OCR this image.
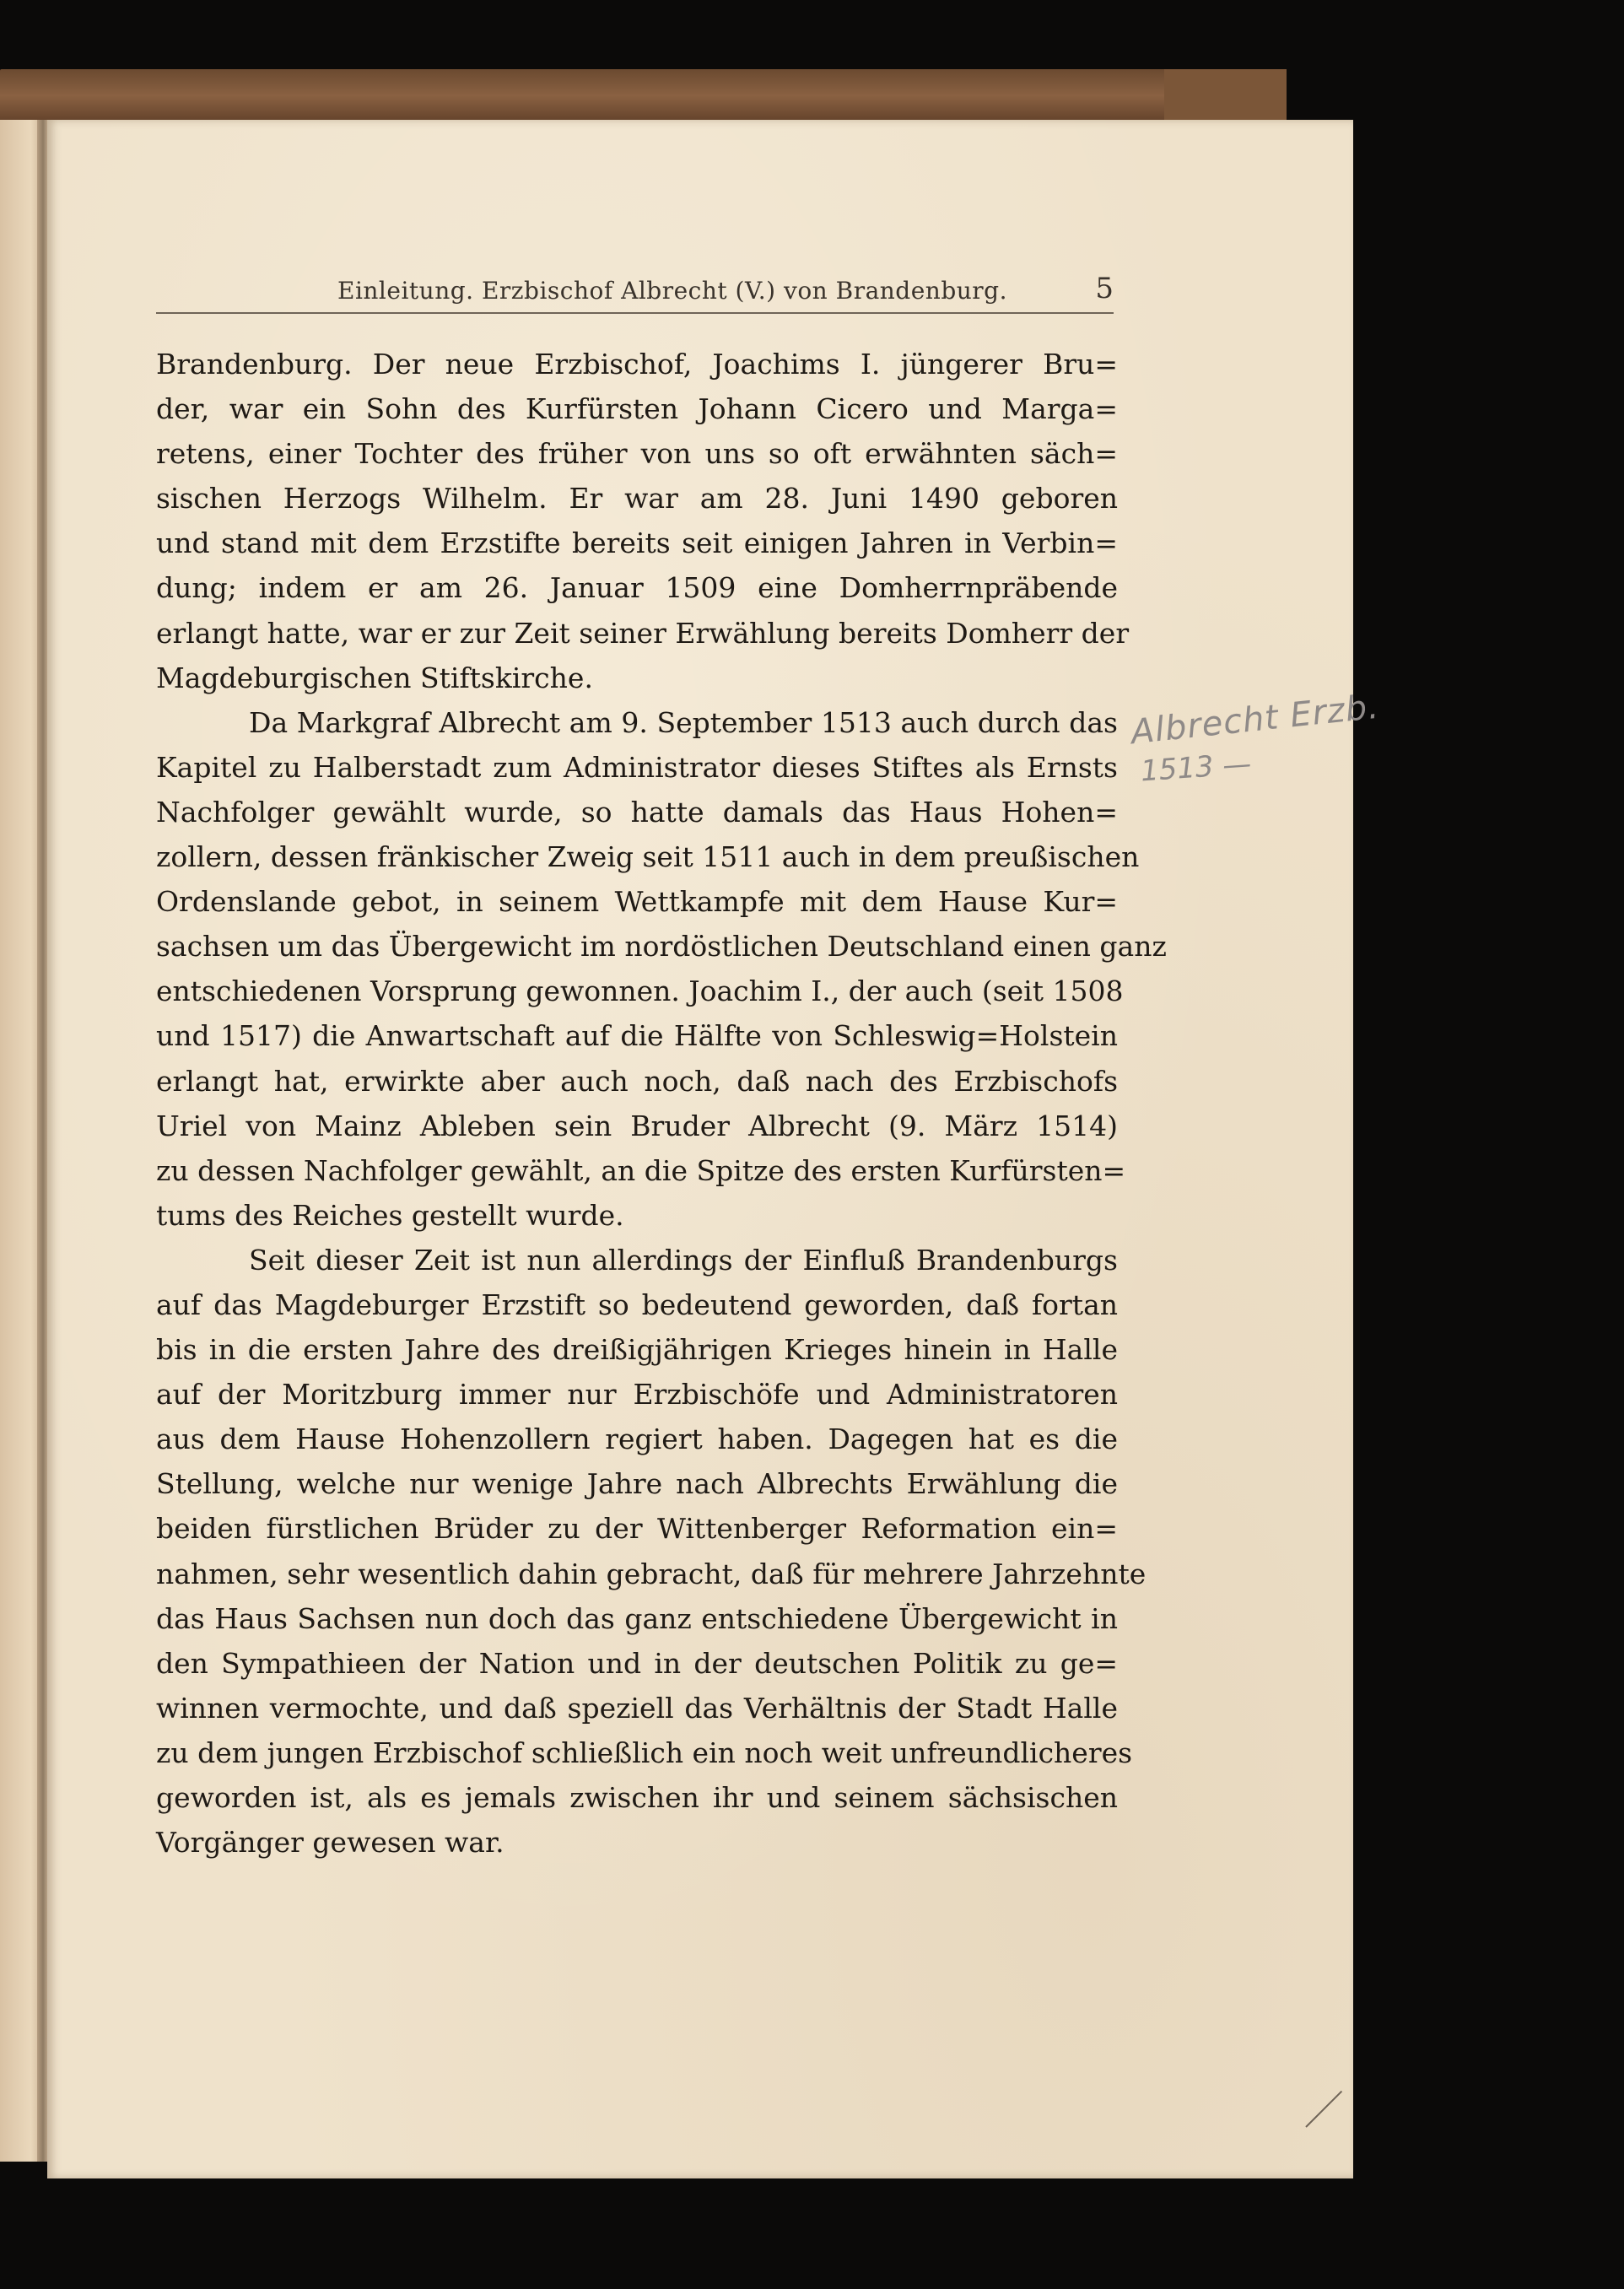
Einleitung. Erzbischof Albrecht (V.) von Brandenburg.	5
Brandenburg. Der neue Erzbischof, Joachims I. jüngerer Bru=
der, war ein Sohn des Kurfürsten Johann Cicero und Marga=
retens, einer Tochter des früher von uns so oft erwähnten säch=
sischen Herzogs Wilhelm. Er war am 28. Juni 1490 geboren
und stand mit dem Erzstifte bereits seit einigen Jahren in Verbin=
dung; indem er am 26. Januar 1509 eine Domherrnpräbende
erlangt hatte, war er zur Zeit seiner Erwählung bereits Domherr der
Magdeburgischen Stiftskirche.
Da Markgraf Albrecht am 9. September 1513 auch durch das
Kapitel zu Halberstadt zum Administrator dieses Stiftes als Ernsts
Nachfolger gewählt wurde, so hatte damals das Haus Hohen=
zollern, dessen fränkischer Zweig seit 1511 auch in dem preußischen
Ordenslande gebot, in seinem Wettkampfe mit dem Hause Kur=
sachsen um das Übergewicht im nordöstlichen Deutschland einen ganz
entschiedenen Vorsprung gewonnen. Joachim I., der auch (seit 1508
und 1517) die Anwartschaft auf die Hälfte von Schleswig=Holstein
erlangt hat, erwirkte aber auch noch, daß nach des Erzbischofs
Uriel von Mainz Ableben sein Bruder Albrecht (9. März 1514)
zu dessen Nachfolger gewählt, an die Spitze des ersten Kurfürsten=
tums des Reiches gestellt wurde.
Seit dieser Zeit ist nun allerdings der Einfluß Brandenburgs
auf das Magdeburger Erzstift so bedeutend geworden, daß fortan
bis in die ersten Jahre des dreißigjährigen Krieges hinein in Halle
auf der Moritzburg immer nur Erzbischöfe und Administratoren
aus dem Hause Hohenzollern regiert haben. Dagegen hat es die
Stellung, welche nur wenige Jahre nach Albrechts Erwählung die
beiden fürstlichen Brüder zu der Wittenberger Reformation ein=
nahmen, sehr wesentlich dahin gebracht, daß für mehrere Jahrzehnte
das Haus Sachsen nun doch das ganz entschiedene Übergewicht in
den Sympathieen der Nation und in der deutschen Politik zu ge=
winnen vermochte, und daß speziell das Verhältnis der Stadt Halle
zu dem jungen Erzbischof schließlich ein noch weit unfreundlicheres
geworden ist, als es jemals zwischen ihr und seinem sächsischen
Vorgänger gewesen war.
Albrecht Erzb.
1513 —
